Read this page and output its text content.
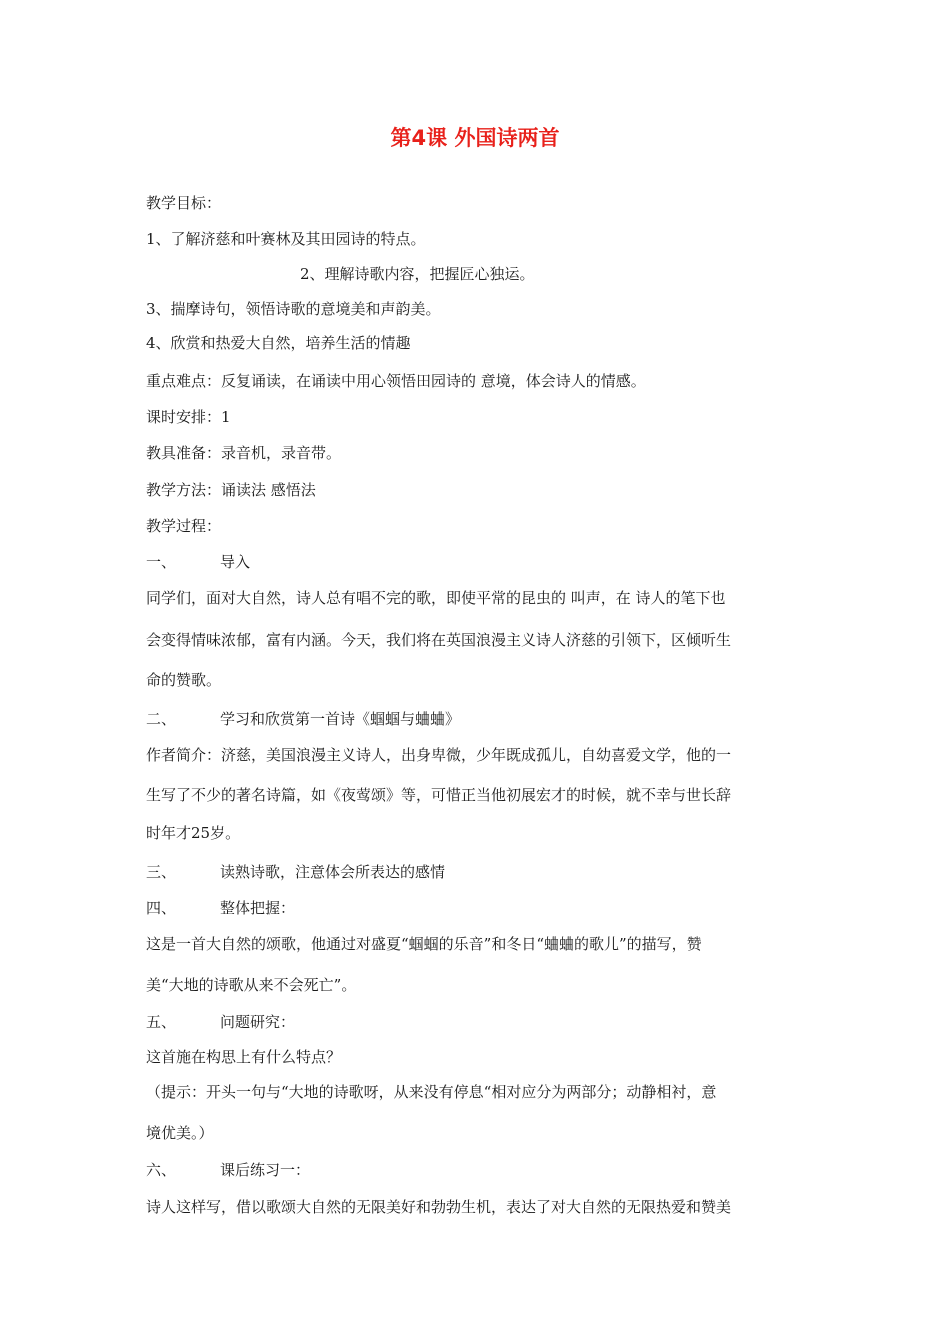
第4课 外国诗两首
教学目标：
1、了解济慈和叶赛林及其田园诗的特点。
2、理解诗歌内容，把握匠心独运。
3、揣摩诗句，领悟诗歌的意境美和声韵美。
4、欣赏和热爱大自然，培养生活的情趣
重点难点：反复诵读，在诵读中用心领悟田园诗的 意境，体会诗人的情感。
课时安排：1
教具准备：录音机，录音带。
教学方法：诵读法 感悟法
教学过程：
一、	导入
同学们，面对大自然，诗人总有唱不完的歌，即使平常的昆虫的 叫声，在 诗人的笔下也
会变得情味浓郁，富有内涵。今天，我们将在英国浪漫主义诗人济慈的引领下，区倾听生
命的赞歌。
二、	学习和欣赏第一首诗《蝈蝈与蛐蛐》
作者简介：济慈，美国浪漫主义诗人，出身卑微，少年既成孤儿，自幼喜爱文学，他的一
生写了不少的著名诗篇，如《夜莺颂》等，可惜正当他初展宏才的时候，就不幸与世长辞
时年才25岁。
三、	读熟诗歌，注意体会所表达的感情
四、	整体把握：
这是一首大自然的颂歌，他通过对盛夏“蝈蝈的乐音”和冬日“蛐蛐的歌儿”的描写，赞
美“大地的诗歌从来不会死亡”。
五、	问题研究：
这首施在构思上有什么特点？
（提示：开头一句与“大地的诗歌呀，从来没有停息“相对应分为两部分；动静相衬，意
境优美。）
六、	课后练习一：
诗人这样写，借以歌颂大自然的无限美好和勃勃生机，表达了对大自然的无限热爱和赞美
